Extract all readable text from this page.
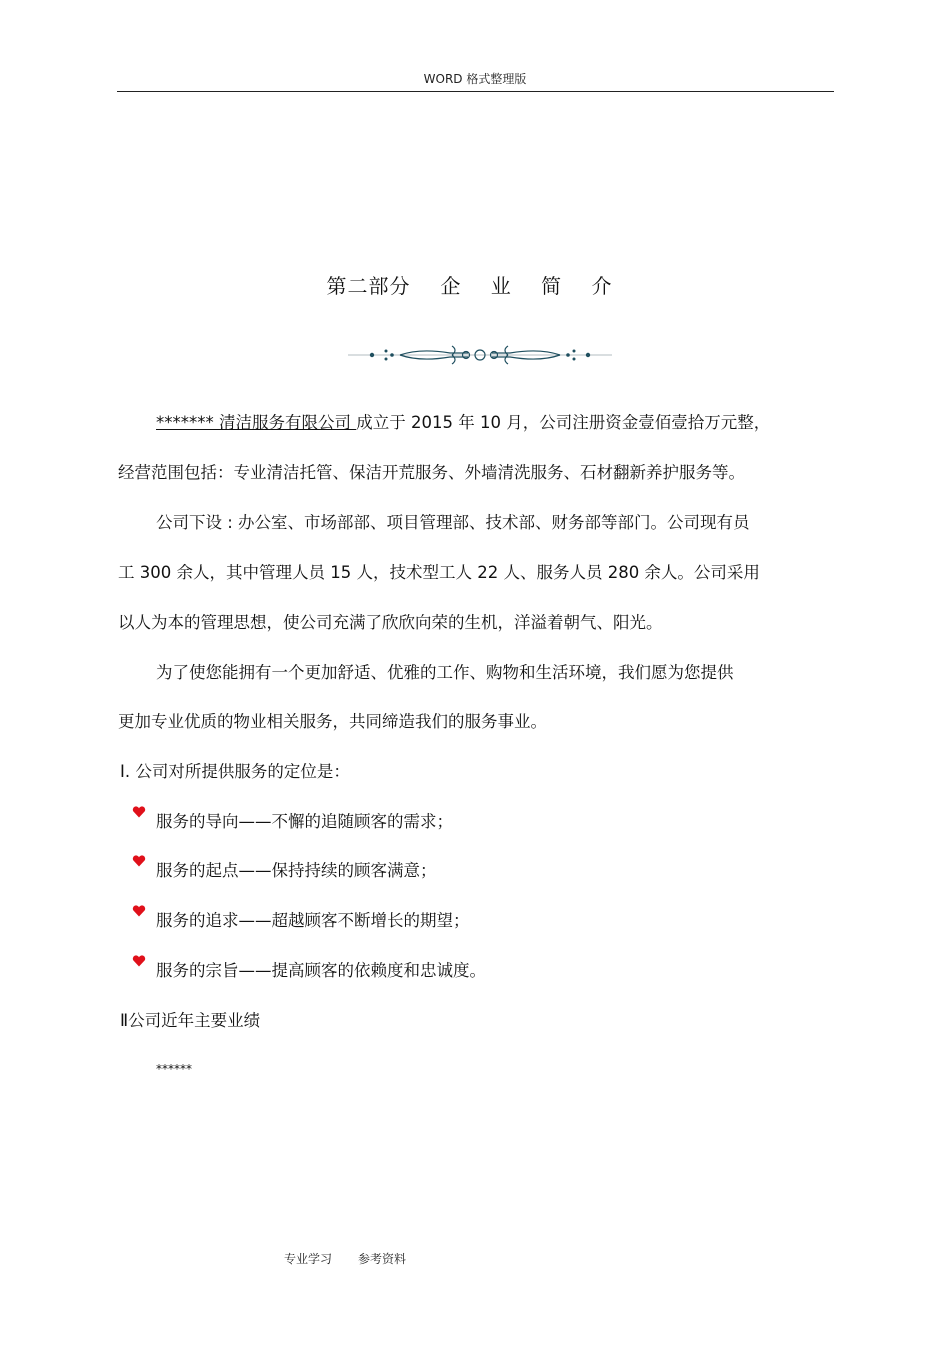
WORD 格式整理版
第二部分 企 业 简 介
******* 清洁服务有限公司 成立于 2015 年 10 月，公司注册资金壹佰壹拾万元整，
经营范围包括：专业清洁托管、保洁开荒服务、外墙清洗服务、石材翻新养护服务等。
公司下设 : 办公室、市场部部、项目管理部、技术部、财务部等部门。公司现有员
工 300 余人，其中管理人员 15 人，技术型工人 22 人、服务人员 280 余人。公司采用
以人为本的管理思想，使公司充满了欣欣向荣的生机，洋溢着朝气、阳光。
为了使您能拥有一个更加舒适、优雅的工作、购物和生活环境，我们愿为您提供
更加专业优质的物业相关服务，共同缔造我们的服务事业。
Ⅰ. 公司对所提供服务的定位是：
服务的导向——不懈的追随顾客的需求；
服务的起点——保持持续的顾客满意；
服务的追求——超越顾客不断增长的期望；
服务的宗旨——提高顾客的依赖度和忠诚度。
Ⅱ公司近年主要业绩
******
专业学习 参考资料
